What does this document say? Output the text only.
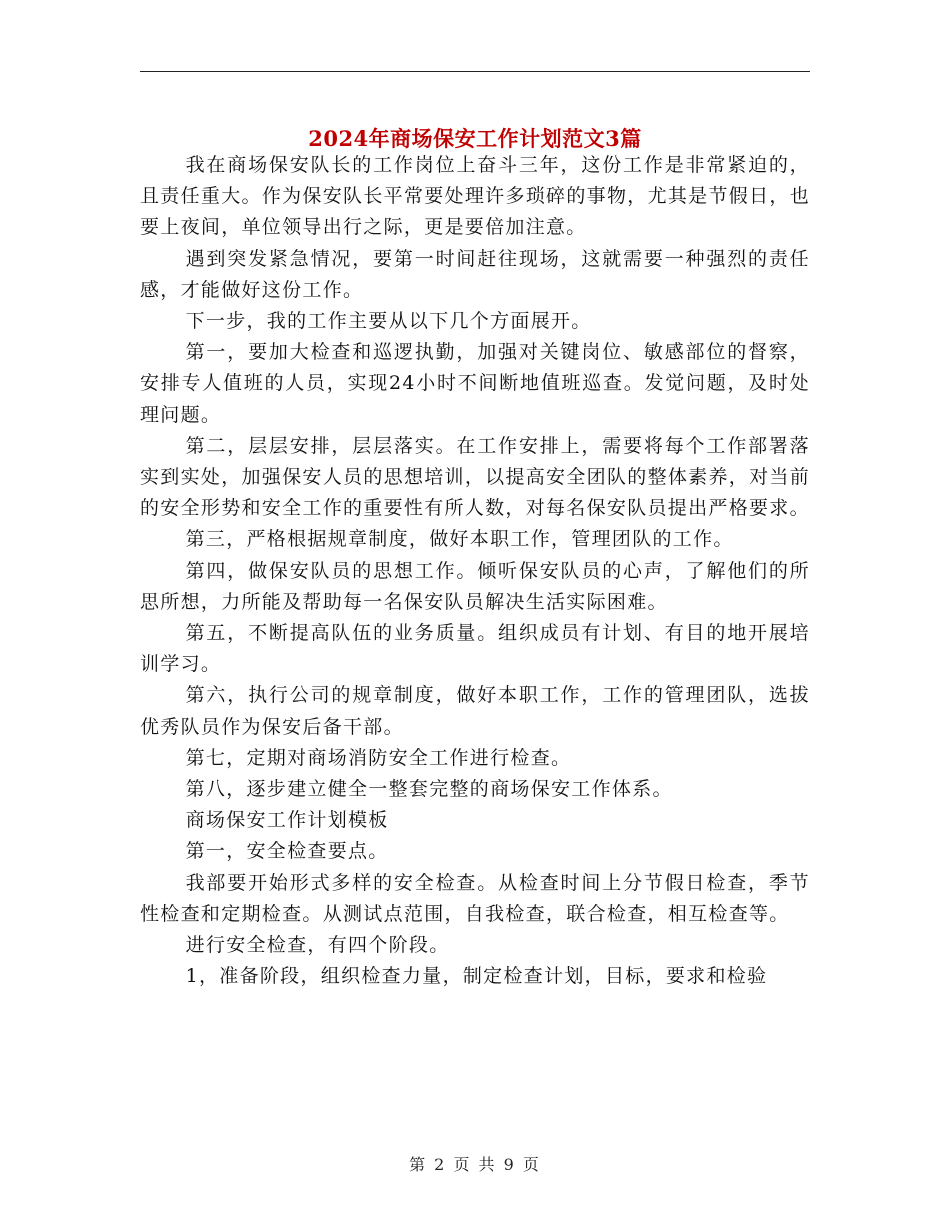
2024年商场保安工作计划范文3篇

我在商场保安队长的工作岗位上奋斗三年，这份工作是非常紧迫的，且责任重大。作为保安队长平常要处理许多琐碎的事物，尤其是节假日，也要上夜间，单位领导出行之际，更是要倍加注意。

遇到突发紧急情况，要第一时间赶往现场，这就需要一种强烈的责任感，才能做好这份工作。

下一步，我的工作主要从以下几个方面展开。

第一，要加大检查和巡逻执勤，加强对关键岗位、敏感部位的督察，安排专人值班的人员，实现24小时不间断地值班巡查。发觉问题，及时处理问题。

第二，层层安排，层层落实。在工作安排上，需要将每个工作部署落实到实处，加强保安人员的思想培训，以提高安全团队的整体素养，对当前的安全形势和安全工作的重要性有所人数，对每名保安队员提出严格要求。

第三，严格根据规章制度，做好本职工作，管理团队的工作。

第四，做保安队员的思想工作。倾听保安队员的心声，了解他们的所思所想，力所能及帮助每一名保安队员解决生活实际困难。

第五，不断提高队伍的业务质量。组织成员有计划、有目的地开展培训学习。

第六，执行公司的规章制度，做好本职工作，工作的管理团队，选拔优秀队员作为保安后备干部。

第七，定期对商场消防安全工作进行检查。

第八，逐步建立健全一整套完整的商场保安工作体系。

商场保安工作计划模板

第一，安全检查要点。

我部要开始形式多样的安全检查。从检查时间上分节假日检查，季节性检查和定期检查。从测试点范围，自我检查，联合检查，相互检查等。

进行安全检查，有四个阶段。

1，准备阶段，组织检查力量，制定检查计划，目标，要求和检验

第 2 页 共 9 页
